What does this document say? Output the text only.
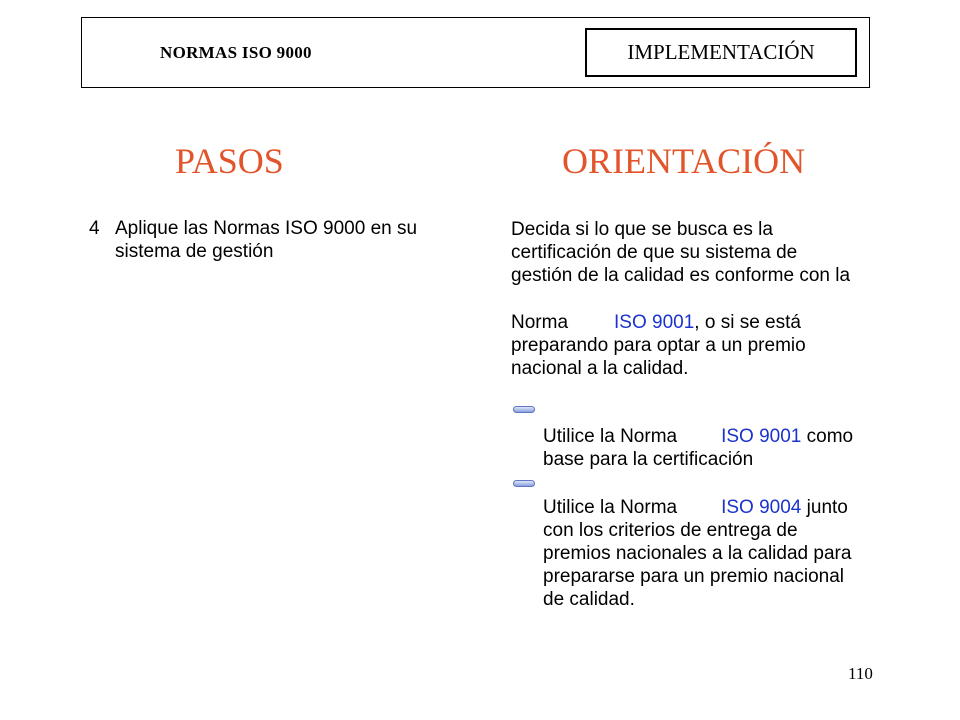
NORMAS ISO 9000	IMPLEMENTACIÓN
PASOS	ORIENTACIÓN
4 Aplique las Normas ISO 9000 en su
sistema de gestión
Decida si lo que se busca es la
certificación de que su sistema de
gestión de la calidad es conforme con la
Norma ISO 9001, o si se está
preparando para optar a un premio
nacional a la calidad.
Utilice la Norma ISO 9001 como
base para la certificación
Utilice la Norma ISO 9004 junto
con los criterios de entrega de
premios nacionales a la calidad para
prepararse para un premio nacional
de calidad.
110
